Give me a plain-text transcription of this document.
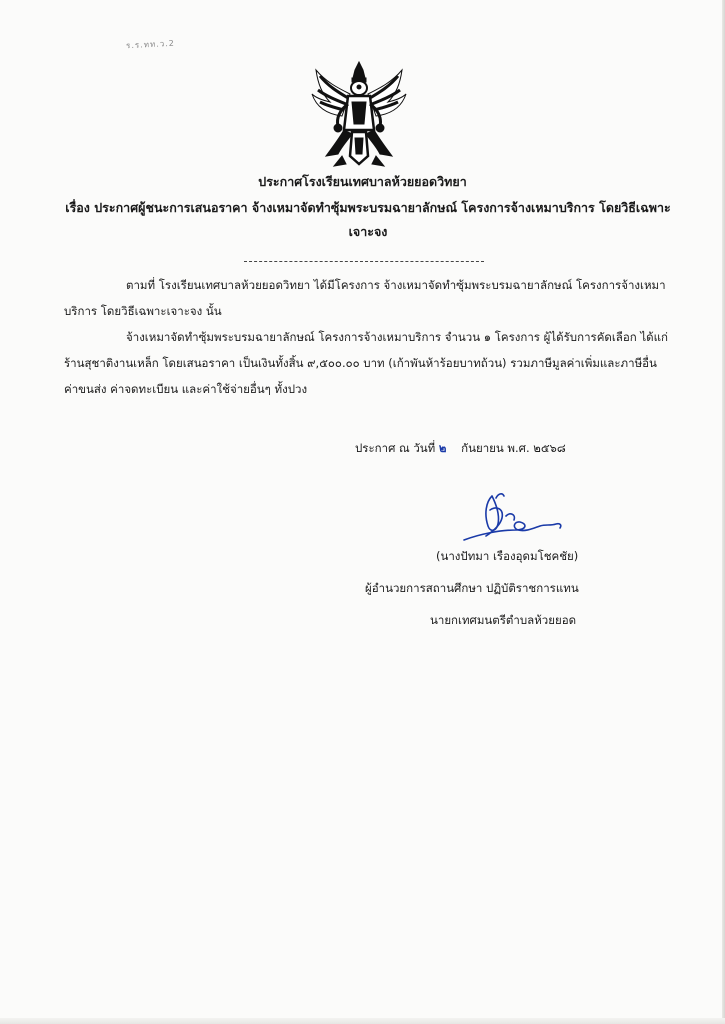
ร.ร.ทท.ว.2
ประกาศโรงเรียนเทศบาลห้วยยอดวิทยา
เรื่อง ประกาศผู้ชนะการเสนอราคา จ้างเหมาจัดทำซุ้มพระบรมฉายาลักษณ์ โครงการจ้างเหมาบริการ โดยวิธีเฉพาะเจาะจง
ตามที่ โรงเรียนเทศบาลห้วยยอดวิทยา ได้มีโครงการ จ้างเหมาจัดทำซุ้มพระบรมฉายาลักษณ์ โครงการจ้างเหมาบริการ โดยวิธีเฉพาะเจาะจง นั้น
จ้างเหมาจัดทำซุ้มพระบรมฉายาลักษณ์ โครงการจ้างเหมาบริการ จำนวน ๑ โครงการ ผู้ได้รับการคัดเลือก ได้แก่ ร้านสุชาติงานเหล็ก โดยเสนอราคา เป็นเงินทั้งสิ้น ๙,๕๐๐.๐๐ บาท (เก้าพันห้าร้อยบาทถ้วน) รวมภาษีมูลค่าเพิ่มและภาษีอื่น ค่าขนส่ง ค่าจดทะเบียน และค่าใช้จ่ายอื่นๆ ทั้งปวง
ประกาศ ณ วันที่ ๒ กันยายน พ.ศ. ๒๕๖๘
(นางปัทมา เรืองอุดมโชคชัย)
ผู้อำนวยการสถานศึกษา ปฏิบัติราชการแทน
นายกเทศมนตรีตำบลห้วยยอด
